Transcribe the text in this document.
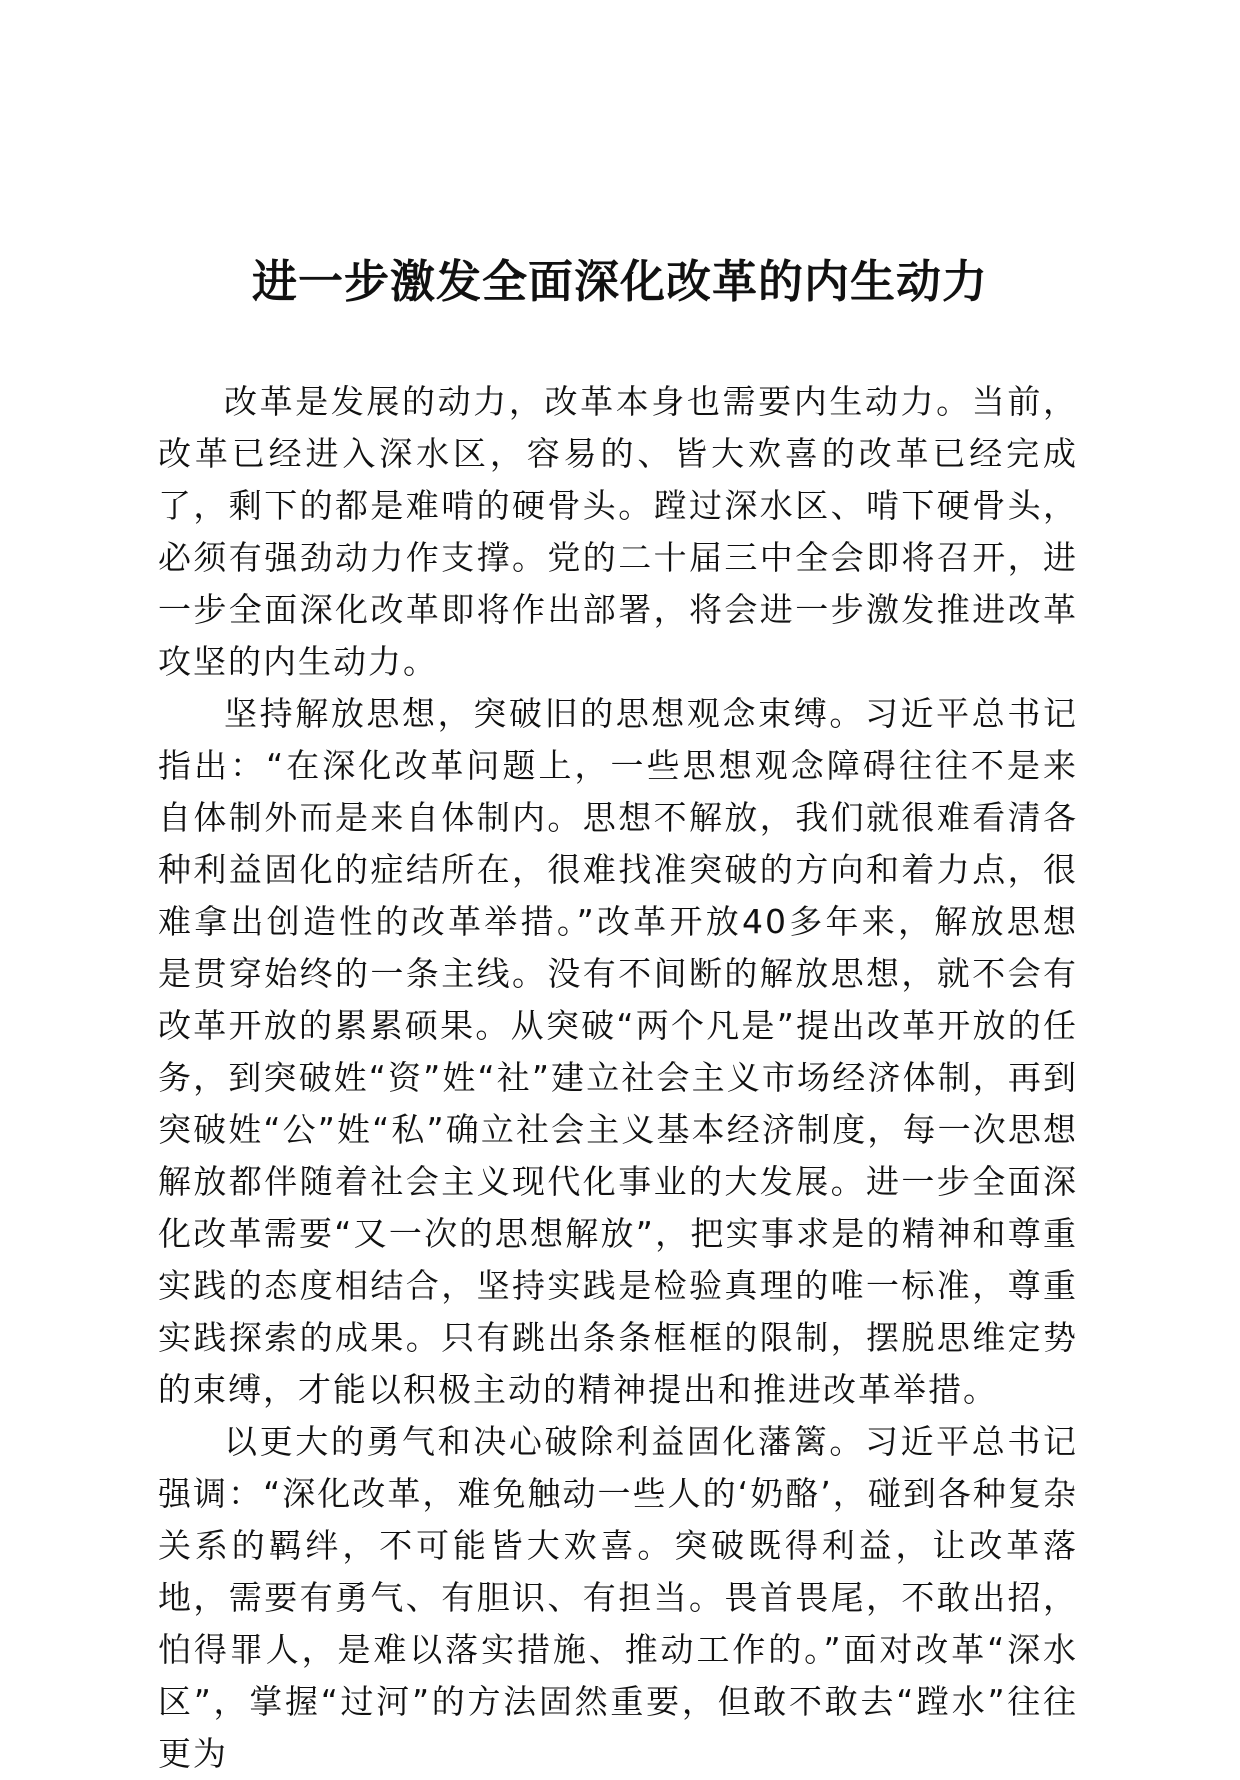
进一步激发全面深化改革的内生动力

改革是发展的动力，改革本身也需要内生动力。当前，改革已经进入深水区，容易的、皆大欢喜的改革已经完成了，剩下的都是难啃的硬骨头。蹚过深水区、啃下硬骨头，必须有强劲动力作支撑。党的二十届三中全会即将召开，进一步全面深化改革即将作出部署，将会进一步激发推进改革攻坚的内生动力。

坚持解放思想，突破旧的思想观念束缚。习近平总书记指出：“在深化改革问题上，一些思想观念障碍往往不是来自体制外而是来自体制内。思想不解放，我们就很难看清各种利益固化的症结所在，很难找准突破的方向和着力点，很难拿出创造性的改革举措。”改革开放40多年来，解放思想是贯穿始终的一条主线。没有不间断的解放思想，就不会有改革开放的累累硕果。从突破“两个凡是”提出改革开放的任务，到突破姓“资”姓“社”建立社会主义市场经济体制，再到突破姓“公”姓“私”确立社会主义基本经济制度，每一次思想解放都伴随着社会主义现代化事业的大发展。进一步全面深化改革需要“又一次的思想解放”，把实事求是的精神和尊重实践的态度相结合，坚持实践是检验真理的唯一标准，尊重实践探索的成果。只有跳出条条框框的限制，摆脱思维定势的束缚，才能以积极主动的精神提出和推进改革举措。

以更大的勇气和决心破除利益固化藩篱。习近平总书记强调：“深化改革，难免触动一些人的‘奶酪’，碰到各种复杂关系的羁绊，不可能皆大欢喜。突破既得利益，让改革落地，需要有勇气、有胆识、有担当。畏首畏尾，不敢出招，怕得罪人，是难以落实措施、推动工作的。”面对改革“深水区”，掌握“过河”的方法固然重要，但敢不敢去“蹚水”往往更为
